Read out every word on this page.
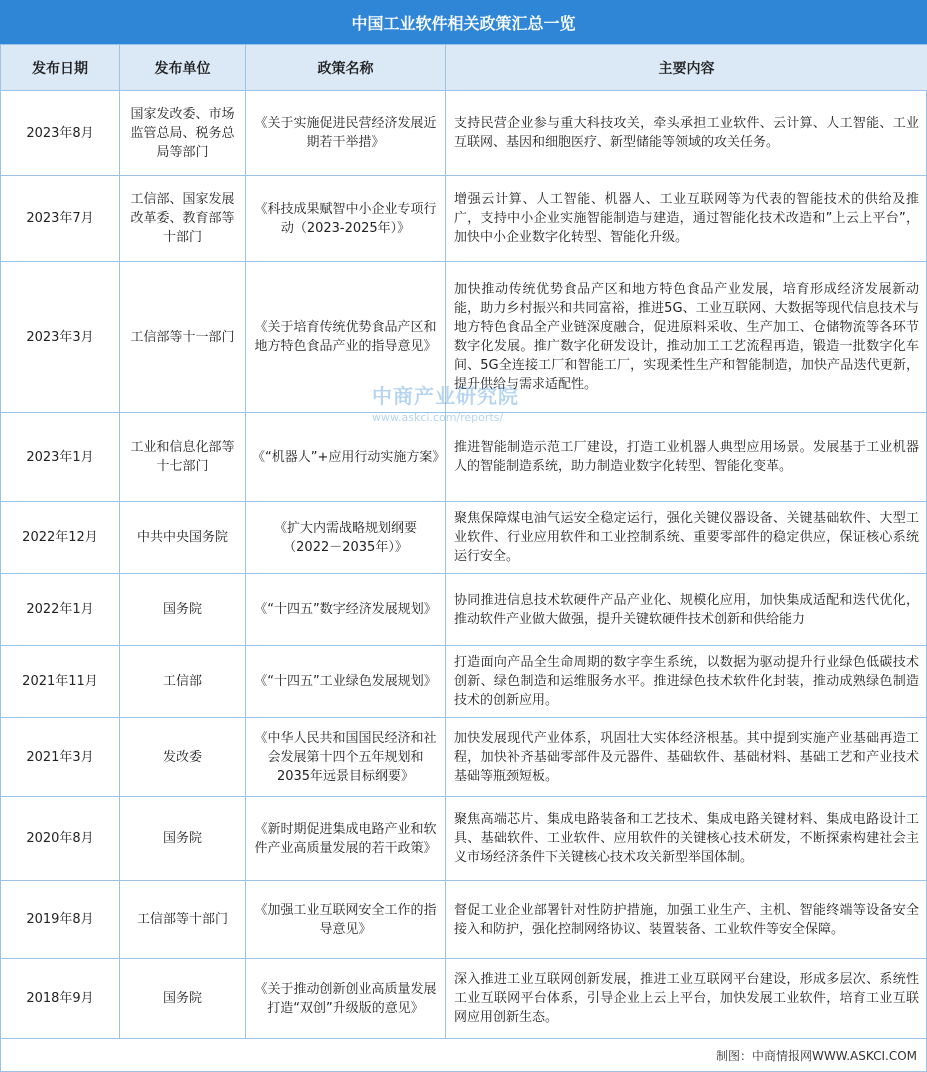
中国工业软件相关政策汇总一览
发布日期	发布单位	政策名称	主要内容
2023年8月	国家发改委、市场监管总局、税务总局等部门	《关于实施促进民营经济发展近期若干举措》	支持民营企业参与重大科技攻关，牵头承担工业软件、云计算、人工智能、工业互联网、基因和细胞医疗、新型储能等领域的攻关任务。
2023年7月	工信部、国家发展改革委、教育部等十部门	《科技成果赋智中小企业专项行动（2023-2025年）》	增强云计算、人工智能、机器人、工业互联网等为代表的智能技术的供给及推广，支持中小企业实施智能制造与建造，通过智能化技术改造和”上云上平台”，加快中小企业数字化转型、智能化升级。
2023年3月	工信部等十一部门	《关于培育传统优势食品产区和地方特色食品产业的指导意见》	加快推动传统优势食品产区和地方特色食品产业发展，培育形成经济发展新动能，助力乡村振兴和共同富裕，推进5G、工业互联网、大数据等现代信息技术与地方特色食品全产业链深度融合，促进原料采收、生产加工、仓储物流等各环节数字化发展。推广数字化研发设计，推动加工工艺流程再造，锻造一批数字化车间、5G全连接工厂和智能工厂，实现柔性生产和智能制造，加快产品迭代更新，提升供给与需求适配性。
2023年1月	工业和信息化部等十七部门	《“机器人”+应用行动实施方案》	推进智能制造示范工厂建设，打造工业机器人典型应用场景。发展基于工业机器人的智能制造系统，助力制造业数字化转型、智能化变革。
2022年12月	中共中央国务院	《扩大内需战略规划纲要（2022－2035年）》	聚焦保障煤电油气运安全稳定运行，强化关键仪器设备、关键基础软件、大型工业软件、行业应用软件和工业控制系统、重要零部件的稳定供应，保证核心系统运行安全。
2022年1月	国务院	《“十四五”数字经济发展规划》	协同推进信息技术软硬件产品产业化、规模化应用，加快集成适配和迭代优化，推动软件产业做大做强，提升关键软硬件技术创新和供给能力
2021年11月	工信部	《“十四五”工业绿色发展规划》	打造面向产品全生命周期的数字孪生系统，以数据为驱动提升行业绿色低碳技术创新、绿色制造和运维服务水平。推进绿色技术软件化封装，推动成熟绿色制造技术的创新应用。
2021年3月	发改委	《中华人民共和国国民经济和社会发展第十四个五年规划和2035年远景目标纲要》	加快发展现代产业体系，巩固壮大实体经济根基。其中提到实施产业基础再造工程，加快补齐基础零部件及元器件、基础软件、基础材料、基础工艺和产业技术基础等瓶颈短板。
2020年8月	国务院	《新时期促进集成电路产业和软件产业高质量发展的若干政策》	聚焦高端芯片、集成电路装备和工艺技术、集成电路关键材料、集成电路设计工具、基础软件、工业软件、应用软件的关键核心技术研发，不断探索构建社会主义市场经济条件下关键核心技术攻关新型举国体制。
2019年8月	工信部等十部门	《加强工业互联网安全工作的指导意见》	督促工业企业部署针对性防护措施，加强工业生产、主机、智能终端等设备安全接入和防护，强化控制网络协议、装置装备、工业软件等安全保障。
2018年9月	国务院	《关于推动创新创业高质量发展打造“双创”升级版的意见》	深入推进工业互联网创新发展，推进工业互联网平台建设，形成多层次、系统性工业互联网平台体系，引导企业上云上平台，加快发展工业软件，培育工业互联网应用创新生态。
中商产业研究院
www.askci.com/reports/
制图：中商情报网WWW.ASKCI.COM
